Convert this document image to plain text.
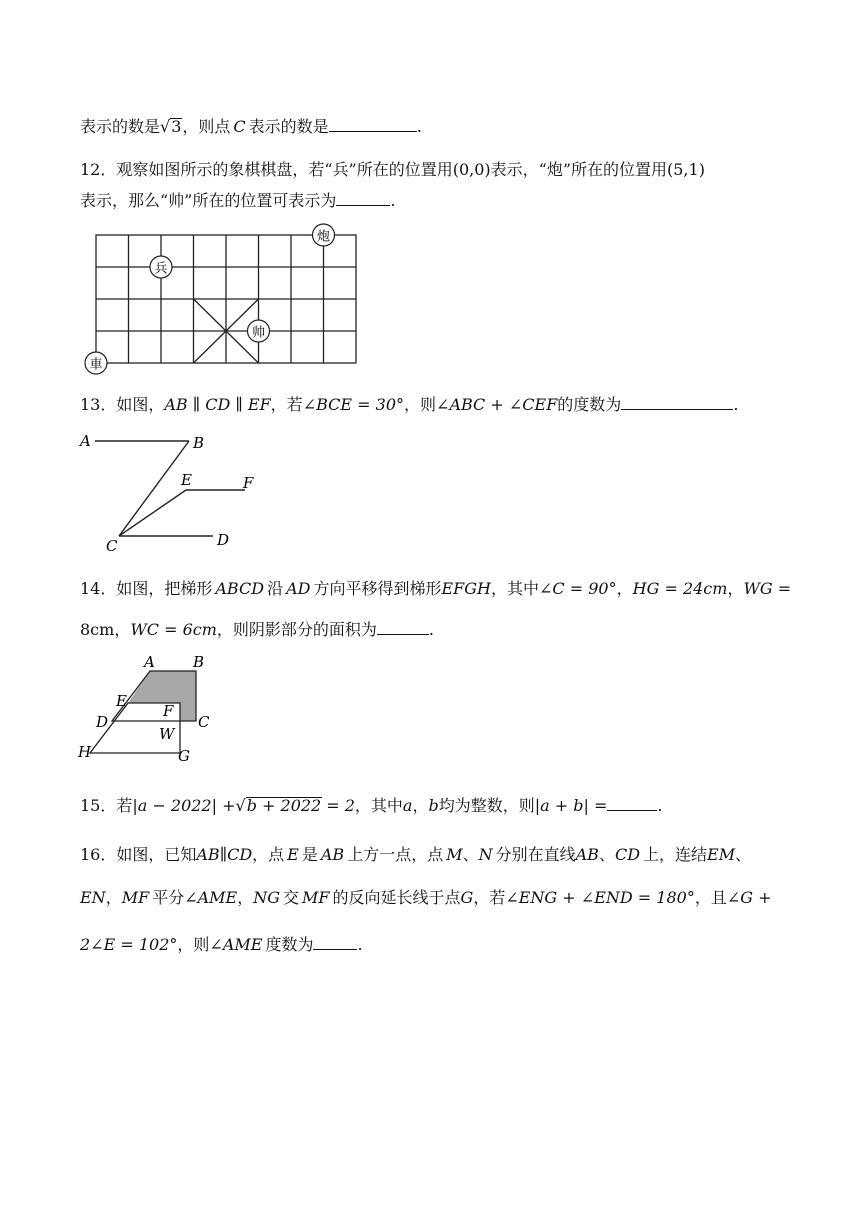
表示的数是√3，则点 C 表示的数是	.
12．观察如图所示的象棋棋盘，若“兵”所在的位置用(0,0)表示，“炮”所在的位置用(5,1)
表示，那么“帅”所在的位置可表示为	.
炮
兵
帅
車
A	B
E	F
C	D
A	B
E
F
D	C
W
H	G
13．如图，AB ∥ CD ∥ EF，若∠BCE = 30°，则∠ABC + ∠CEF的度数为	.
14．如图，把梯形 ABCD 沿 AD 方向平移得到梯形EFGH，其中∠C = 90°，HG = 24cm，WG =
8cm，WC = 6cm，则阴影部分的面积为	.
15．若|a − 2022| +√b + 2022 = 2，其中a，b均为整数，则|a + b| =	.
16．如图，已知AB∥CD，点 E 是 AB 上方一点，点 M、N 分别在直线AB、CD 上，连结EM、
EN，MF 平分∠AME，NG 交 MF 的反向延长线于点G，若∠ENG + ∠END = 180°，且∠G +
2∠E = 102°，则∠AME 度数为	.
